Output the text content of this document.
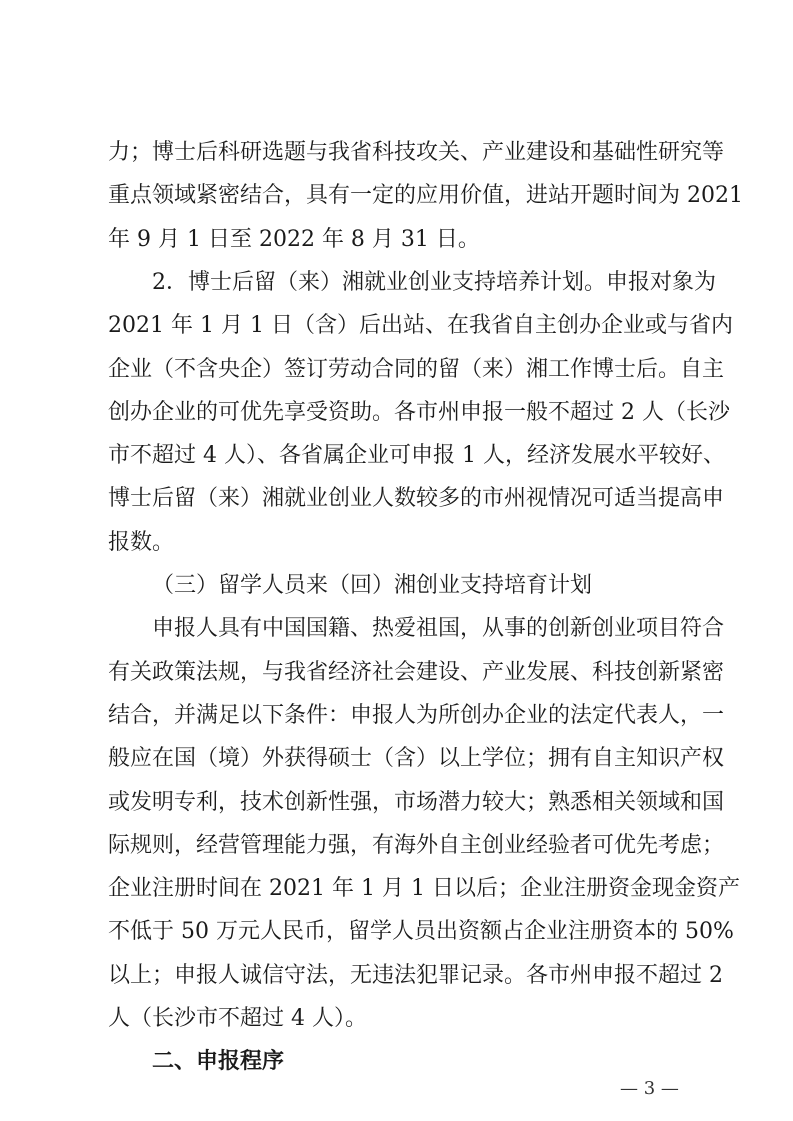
力；博士后科研选题与我省科技攻关、产业建设和基础性研究等
重点领域紧密结合，具有一定的应用价值，进站开题时间为 2021
年 9 月 1 日至 2022 年 8 月 31 日。
2．博士后留（来）湘就业创业支持培养计划。申报对象为
2021 年 1 月 1 日（含）后出站、在我省自主创办企业或与省内
企业（不含央企）签订劳动合同的留（来）湘工作博士后。自主
创办企业的可优先享受资助。各市州申报一般不超过 2 人（长沙
市不超过 4 人）、各省属企业可申报 1 人，经济发展水平较好、
博士后留（来）湘就业创业人数较多的市州视情况可适当提高申
报数。
（三）留学人员来（回）湘创业支持培育计划
申报人具有中国国籍、热爱祖国，从事的创新创业项目符合
有关政策法规，与我省经济社会建设、产业发展、科技创新紧密
结合，并满足以下条件：申报人为所创办企业的法定代表人，一
般应在国（境）外获得硕士（含）以上学位；拥有自主知识产权
或发明专利，技术创新性强，市场潜力较大；熟悉相关领域和国
际规则，经营管理能力强，有海外自主创业经验者可优先考虑；
企业注册时间在 2021 年 1 月 1 日以后；企业注册资金现金资产
不低于 50 万元人民币，留学人员出资额占企业注册资本的 50%
以上；申报人诚信守法，无违法犯罪记录。各市州申报不超过 2
人（长沙市不超过 4 人）。
二、申报程序
— 3 —
